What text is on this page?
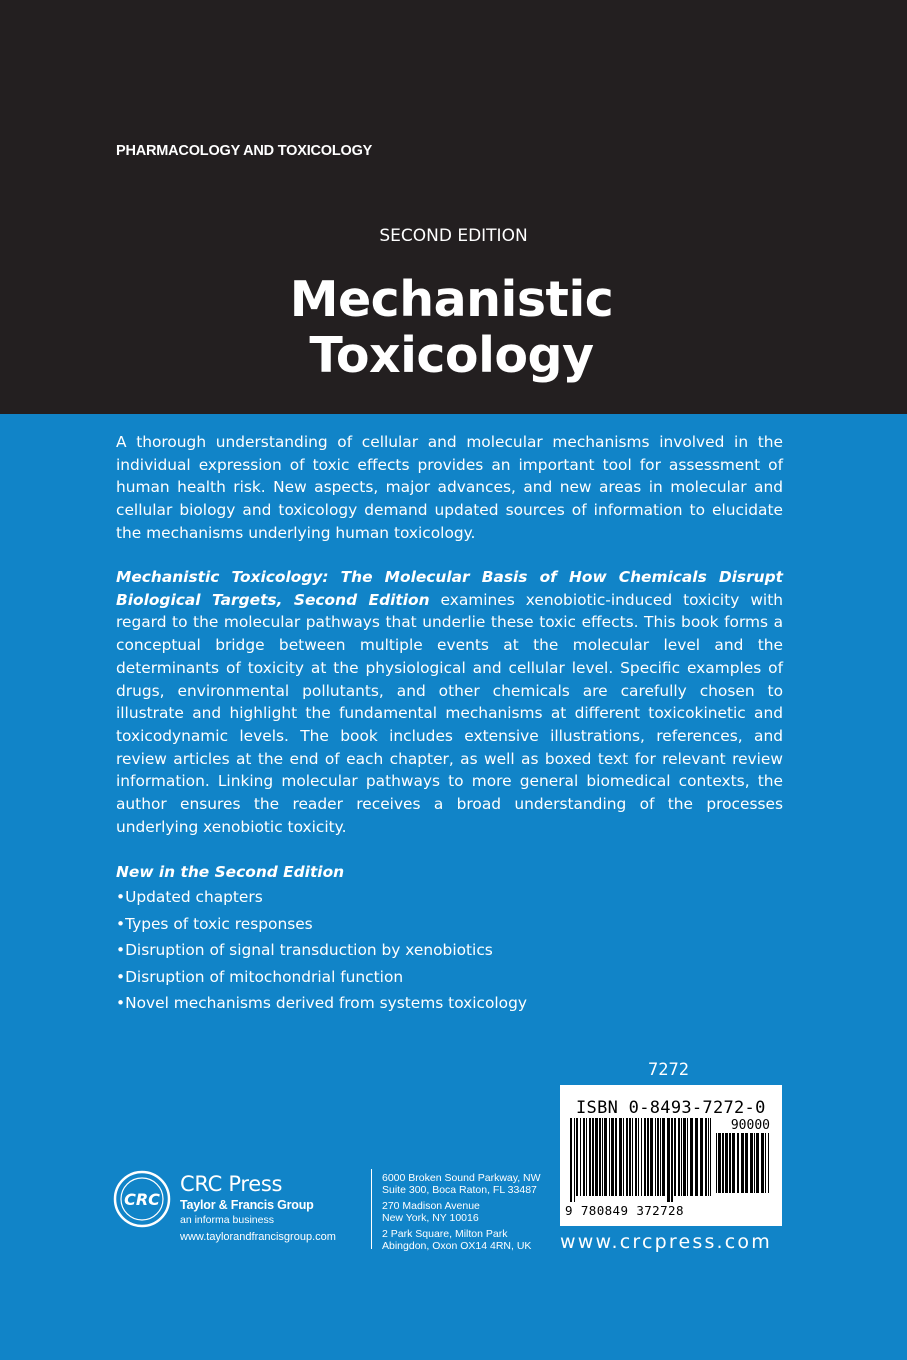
PHARMACOLOGY AND TOXICOLOGY
SECOND EDITION
Mechanistic
Toxicology
A thorough understanding of cellular and molecular mechanisms involved in the individual expression of toxic effects provides an important tool for assessment of human health risk. New aspects, major advances, and new areas in molecular and cellular biology and toxicology demand updated sources of information to elucidate the mechanisms underlying human toxicology.
Mechanistic Toxicology: The Molecular Basis of How Chemicals Disrupt Biological Targets, Second Edition examines xenobiotic-induced toxicity with regard to the molecular pathways that underlie these toxic effects. This book forms a conceptual bridge between multiple events at the molecular level and the determinants of toxicity at the physiological and cellular level. Specific examples of drugs, environmental pollutants, and other chemicals are carefully chosen to illustrate and highlight the fundamental mechanisms at different toxicokinetic and toxicodynamic levels. The book includes extensive illustrations, references, and review articles at the end of each chapter, as well as boxed text for relevant review information. Linking molecular pathways to more general biomedical contexts, the author ensures the reader receives a broad understanding of the processes underlying xenobiotic toxicity.
New in the Second Edition
•Updated chapters
•Types of toxic responses
•Disruption of signal transduction by xenobiotics
•Disruption of mitochondrial function
•Novel mechanisms derived from systems toxicology
7272
ISBN 0-8493-7272-0
90000
9 780849 372728
www.crcpress.com
CRC
CRC Press
Taylor & Francis Group
an informa business
www.taylorandfrancisgroup.com
6000 Broken Sound Parkway, NW
Suite 300, Boca Raton, FL 33487
270 Madison Avenue
New York, NY 10016
2 Park Square, Milton Park
Abingdon, Oxon OX14 4RN, UK
